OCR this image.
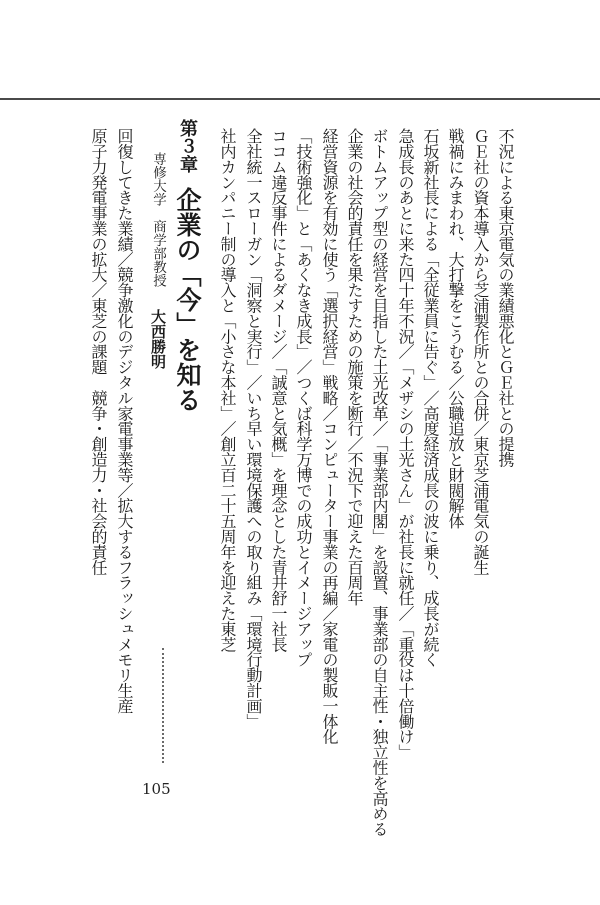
不況による東京電気の業績悪化とＧＥ社との提携

ＧＥ社の資本導入から芝浦製作所との合併／東京芝浦電気の誕生

戦禍にみまわれ、大打撃をこうむる／公職追放と財閥解体

石坂新社長による「全従業員に告ぐ」／高度経済成長の波に乗り、成長が続く

急成長のあとに来た四十年不況／「メザシの土光さん」が社長に就任／「重役は十倍働け」

ボトムアップ型の経営を目指した土光改革／「事業部内閣」を設置、事業部の自主性・独立性を高める

企業の社会的責任を果たすための施策を断行／不況下で迎えた百周年

経営資源を有効に使う「選択経営」戦略／コンピューター事業の再編／家電の製販一体化

「技術強化」と「あくなき成長」／つくば科学万博での成功とイメージアップ

ココム違反事件によるダメージ／「誠意と気概」を理念とした青井舒一社長

全社統一スローガン「洞察と実行」／いち早い環境保護への取り組み「環境行動計画」

社内カンパニー制の導入と「小さな本社」／創立百二十五周年を迎えた東芝

第３章企業の「今」を知る
専修大学　商学部教授大西勝明
105

回復してきた業績／競争激化のデジタル家電事業等／拡大するフラッシュメモリ生産

原子力発電事業の拡大／東芝の課題　競争・創造力・社会的責任
